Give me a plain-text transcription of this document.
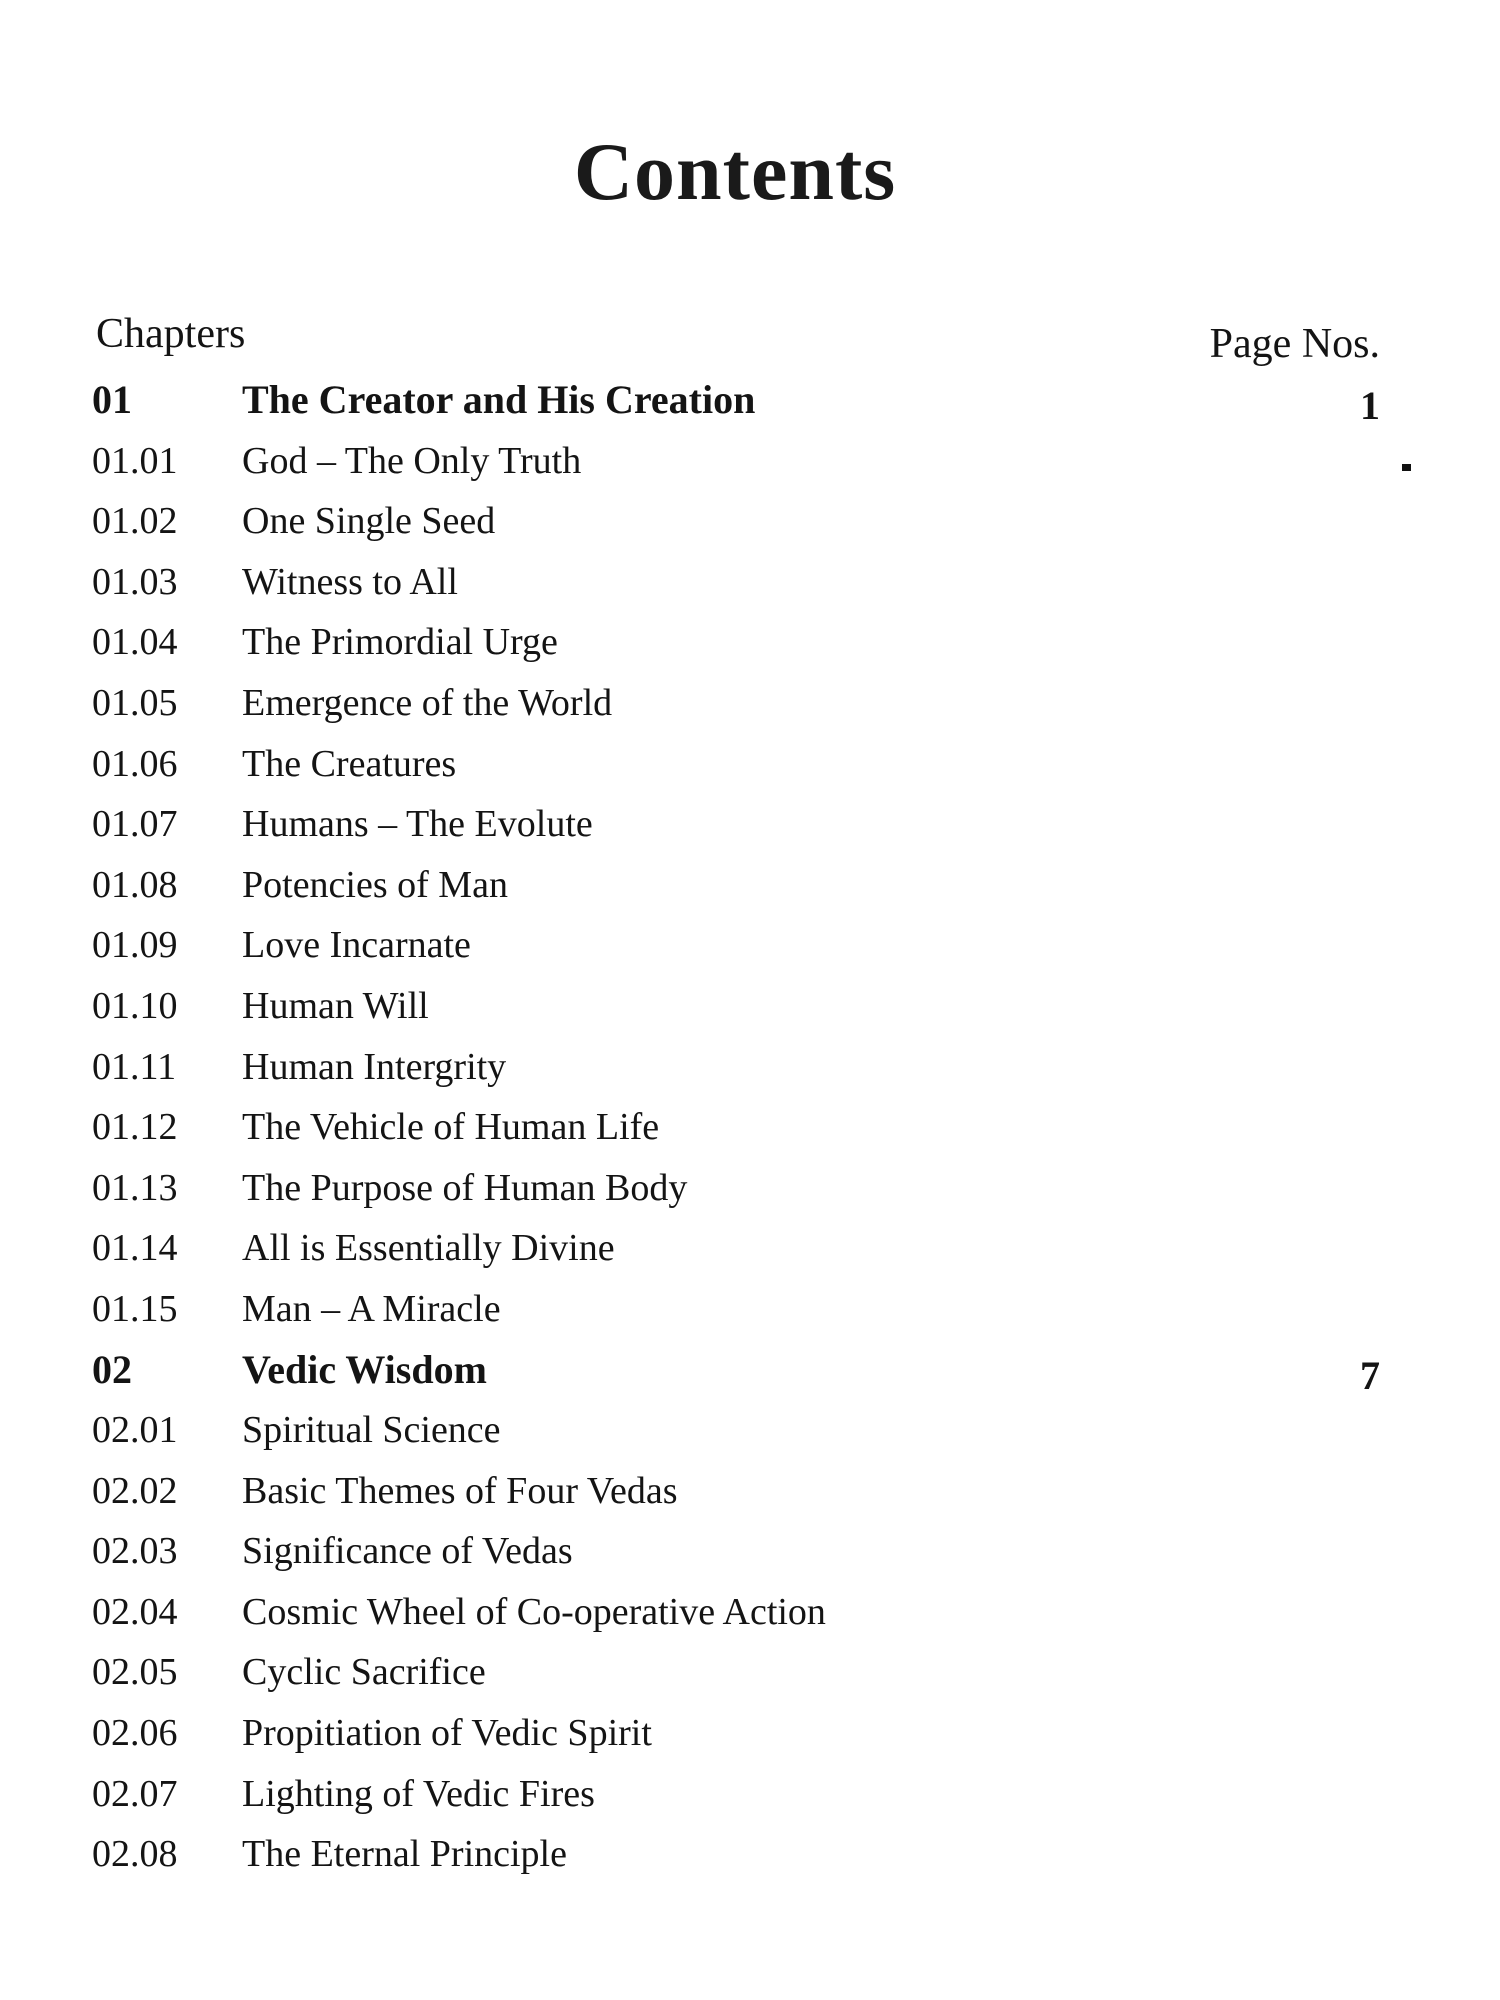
Contents
Chapters	Page Nos.
01	The Creator and His Creation	1
01.01 God – The Only Truth
01.02 One Single Seed
01.03 Witness to All
01.04 The Primordial Urge
01.05 Emergence of the World
01.06 The Creatures
01.07 Humans – The Evolute
01.08 Potencies of Man
01.09 Love Incarnate
01.10 Human Will
01.11 Human Intergrity
01.12 The Vehicle of Human Life
01.13 The Purpose of Human Body
01.14 All is Essentially Divine
01.15 Man – A Miracle
02	Vedic Wisdom	7
02.01 Spiritual Science
02.02 Basic Themes of Four Vedas
02.03 Significance of Vedas
02.04 Cosmic Wheel of Co-operative Action
02.05 Cyclic Sacrifice
02.06 Propitiation of Vedic Spirit
02.07 Lighting of Vedic Fires
02.08 The Eternal Principle
